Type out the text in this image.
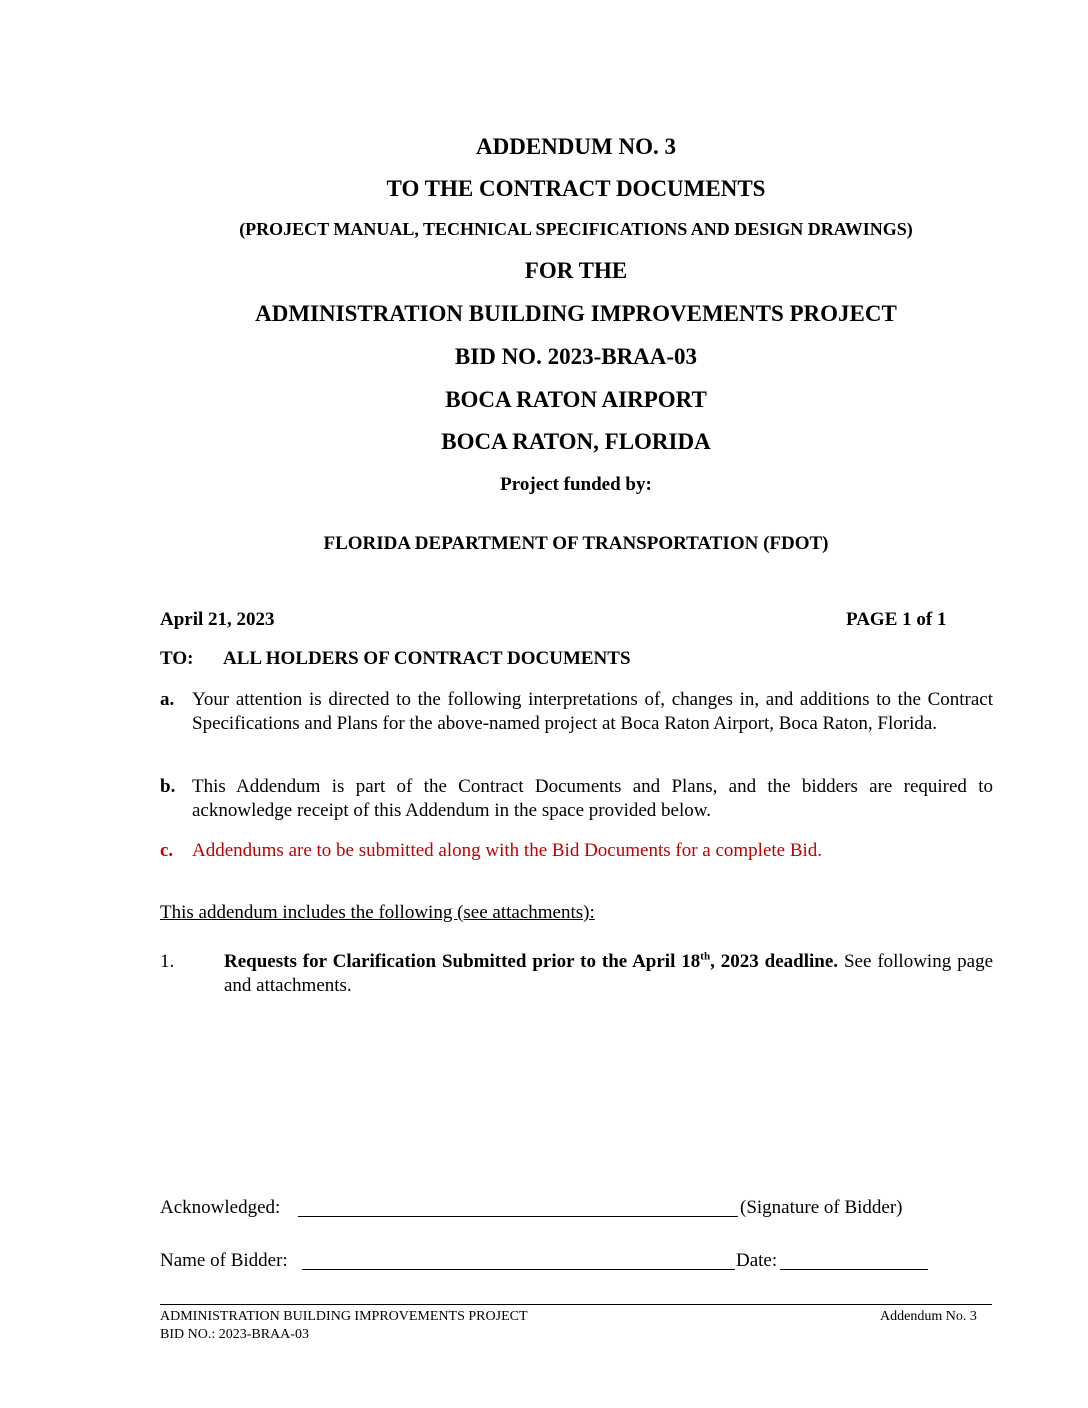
ADDENDUM NO. 3
TO THE CONTRACT DOCUMENTS
(PROJECT MANUAL, TECHNICAL SPECIFICATIONS AND DESIGN DRAWINGS)
FOR THE
ADMINISTRATION BUILDING IMPROVEMENTS PROJECT
BID NO. 2023-BRAA-03
BOCA RATON AIRPORT
BOCA RATON, FLORIDA
Project funded by:
FLORIDA DEPARTMENT OF TRANSPORTATION (FDOT)
April 21, 2023	PAGE 1 of 1
TO: ALL HOLDERS OF CONTRACT DOCUMENTS
a. Your attention is directed to the following interpretations of, changes in, and additions to the Contract Specifications and Plans for the above-named project at Boca Raton Airport, Boca Raton, Florida.
b. This Addendum is part of the Contract Documents and Plans, and the bidders are required to acknowledge receipt of this Addendum in the space provided below.
c. Addendums are to be submitted along with the Bid Documents for a complete Bid.
This addendum includes the following (see attachments):
1.	Requests for Clarification Submitted prior to the April 18th, 2023 deadline. See following page and attachments.
Acknowledged:	(Signature of Bidder)
Name of Bidder:	Date:
ADMINISTRATION BUILDING IMPROVEMENTS PROJECT
BID NO.: 2023-BRAA-03
Addendum No. 3
